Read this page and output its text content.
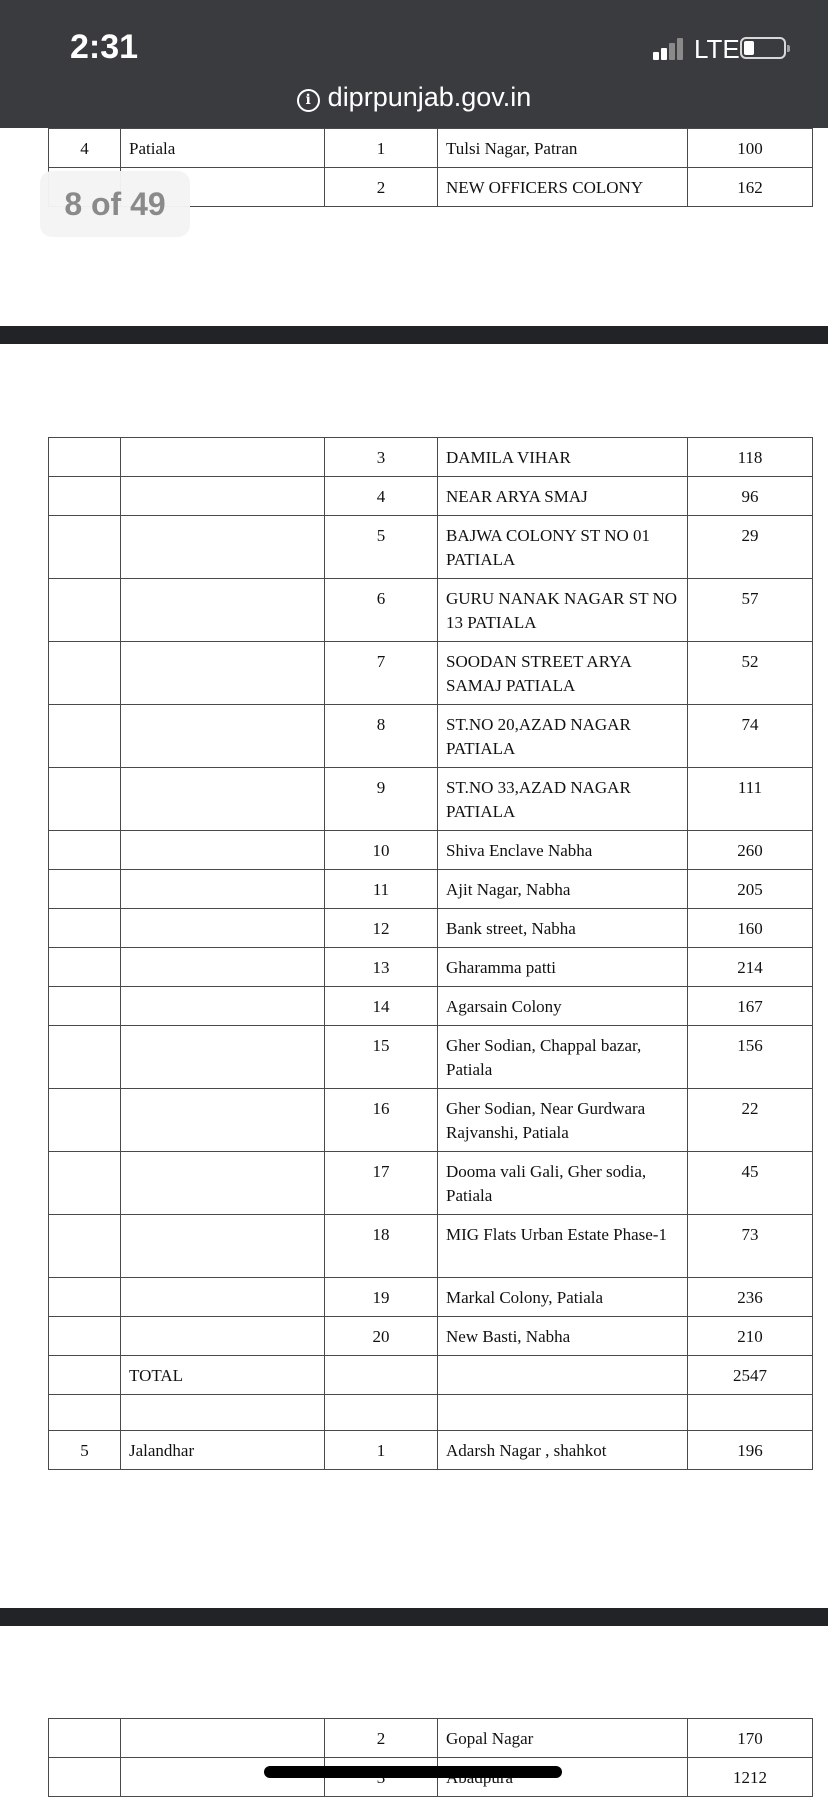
2:31	LTE
i diprpunjab.gov.in
4	Patiala	1	Tulsi Nagar, Patran	100
		2	NEW OFFICERS COLONY	162
8 of 49
		3	DAMILA VIHAR	118
		4	NEAR ARYA SMAJ	96
		5	BAJWA COLONY ST NO 01 PATIALA	29
		6	GURU NANAK NAGAR ST NO 13 PATIALA	57
		7	SOODAN STREET ARYA SAMAJ PATIALA	52
		8	ST.NO 20,AZAD NAGAR PATIALA	74
		9	ST.NO 33,AZAD NAGAR PATIALA	111
		10	Shiva Enclave Nabha	260
		11	Ajit Nagar, Nabha	205
		12	Bank street, Nabha	160
		13	Gharamma patti	214
		14	Agarsain Colony	167
		15	Gher Sodian, Chappal bazar, Patiala	156
		16	Gher Sodian, Near Gurdwara Rajvanshi, Patiala	22
		17	Dooma vali Gali, Gher sodia, Patiala	45
		18	MIG Flats Urban Estate Phase-1	73
		19	Markal Colony, Patiala	236
		20	New Basti, Nabha	210
	TOTAL			2547

5	Jalandhar	1	Adarsh Nagar , shahkot	196
		2	Gopal Nagar	170
				1212
